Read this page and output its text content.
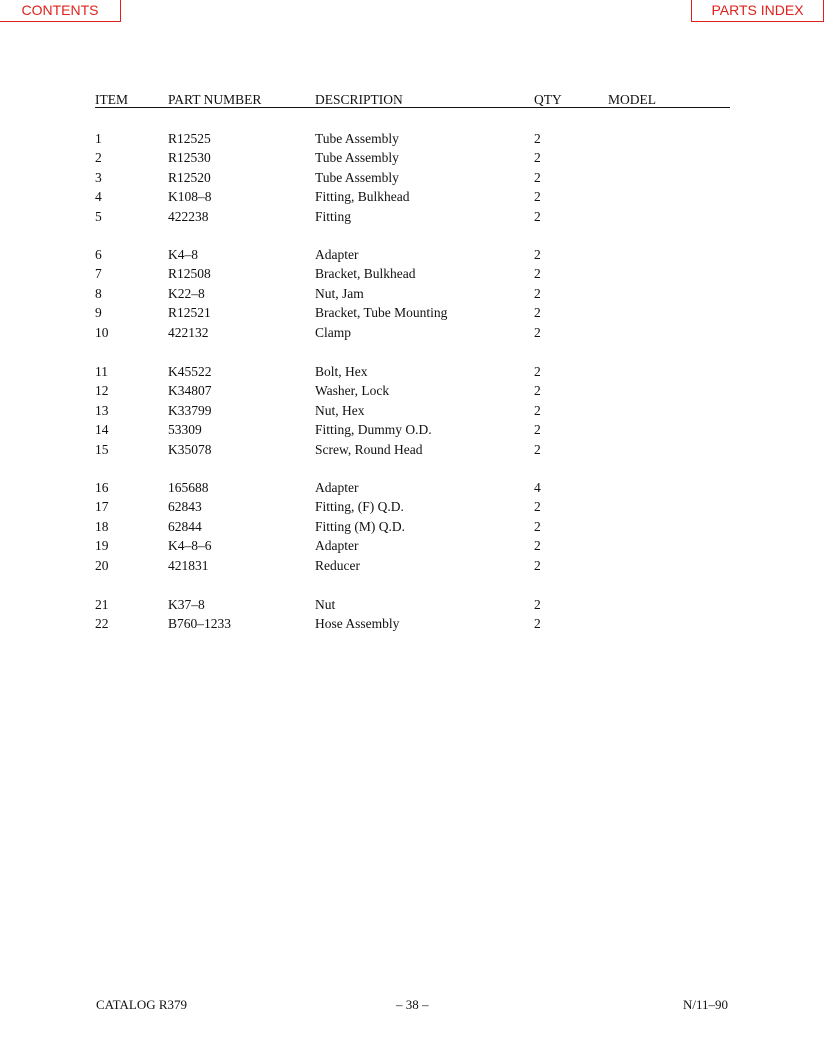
CONTENTS	PARTS INDEX
ITEM	PART NUMBER	DESCRIPTION	QTY	MODEL
1	R12525	Tube Assembly	2
2	R12530	Tube Assembly	2
3	R12520	Tube Assembly	2
4	K108–8	Fitting, Bulkhead	2
5	422238	Fitting	2
6	K4–8	Adapter	2
7	R12508	Bracket, Bulkhead	2
8	K22–8	Nut, Jam	2
9	R12521	Bracket, Tube Mounting	2
10	422132	Clamp	2
11	K45522	Bolt, Hex	2
12	K34807	Washer, Lock	2
13	K33799	Nut, Hex	2
14	53309	Fitting, Dummy O.D.	2
15	K35078	Screw, Round Head	2
16	165688	Adapter	4
17	62843	Fitting, (F) Q.D.	2
18	62844	Fitting (M) Q.D.	2
19	K4–8–6	Adapter	2
20	421831	Reducer	2
21	K37–8	Nut	2
22	B760–1233	Hose Assembly	2
CATALOG R379	– 38 –	N/11–90
